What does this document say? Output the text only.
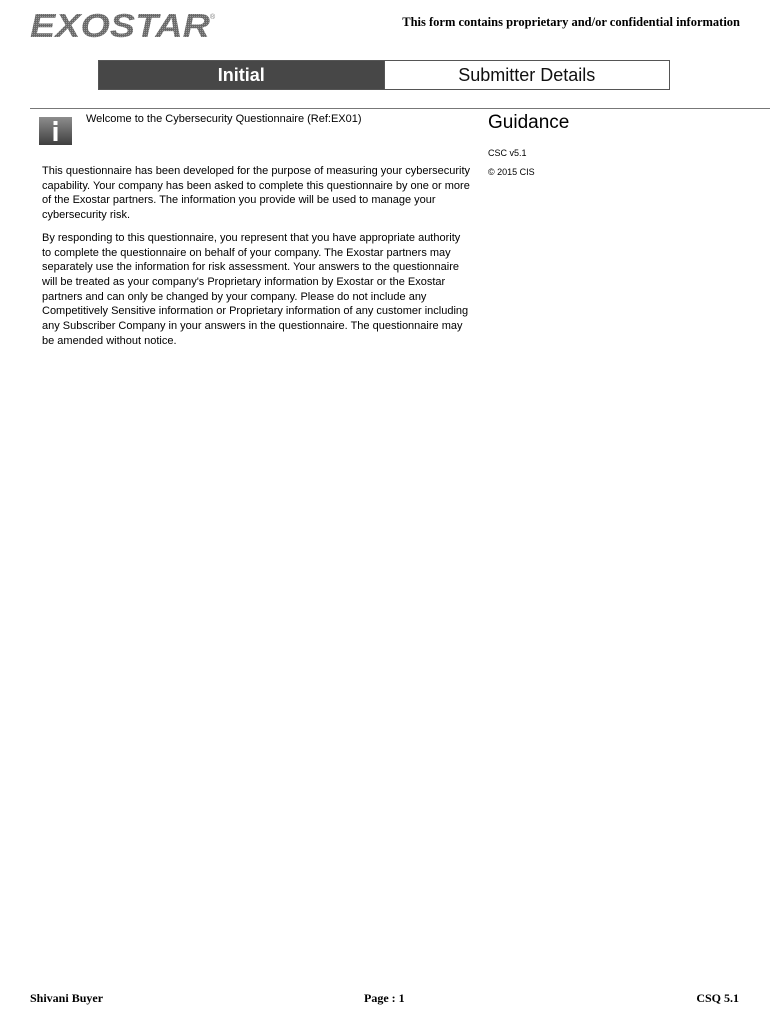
EXOSTAR ®	This form contains proprietary and/or confidential information
Initial	Submitter Details
Welcome to the Cybersecurity Questionnaire (Ref:EX01)

This questionnaire has been developed for the purpose of measuring your cybersecurity capability. Your company has been asked to complete this questionnaire by one or more of the Exostar partners. The information you provide will be used to manage your cybersecurity risk.

By responding to this questionnaire, you represent that you have appropriate authority to complete the questionnaire on behalf of your company. The Exostar partners may separately use the information for risk assessment. Your answers to the questionnaire will be treated as your company's Proprietary information by Exostar or the Exostar partners and can only be changed by your company. Please do not include any Competitively Sensitive information or Proprietary information of any customer including any Subscriber Company in your answers in the questionnaire. The questionnaire may be amended without notice.

Guidance
CSC v5.1
© 2015 CIS
Shivani Buyer	Page : 1	CSQ 5.1
